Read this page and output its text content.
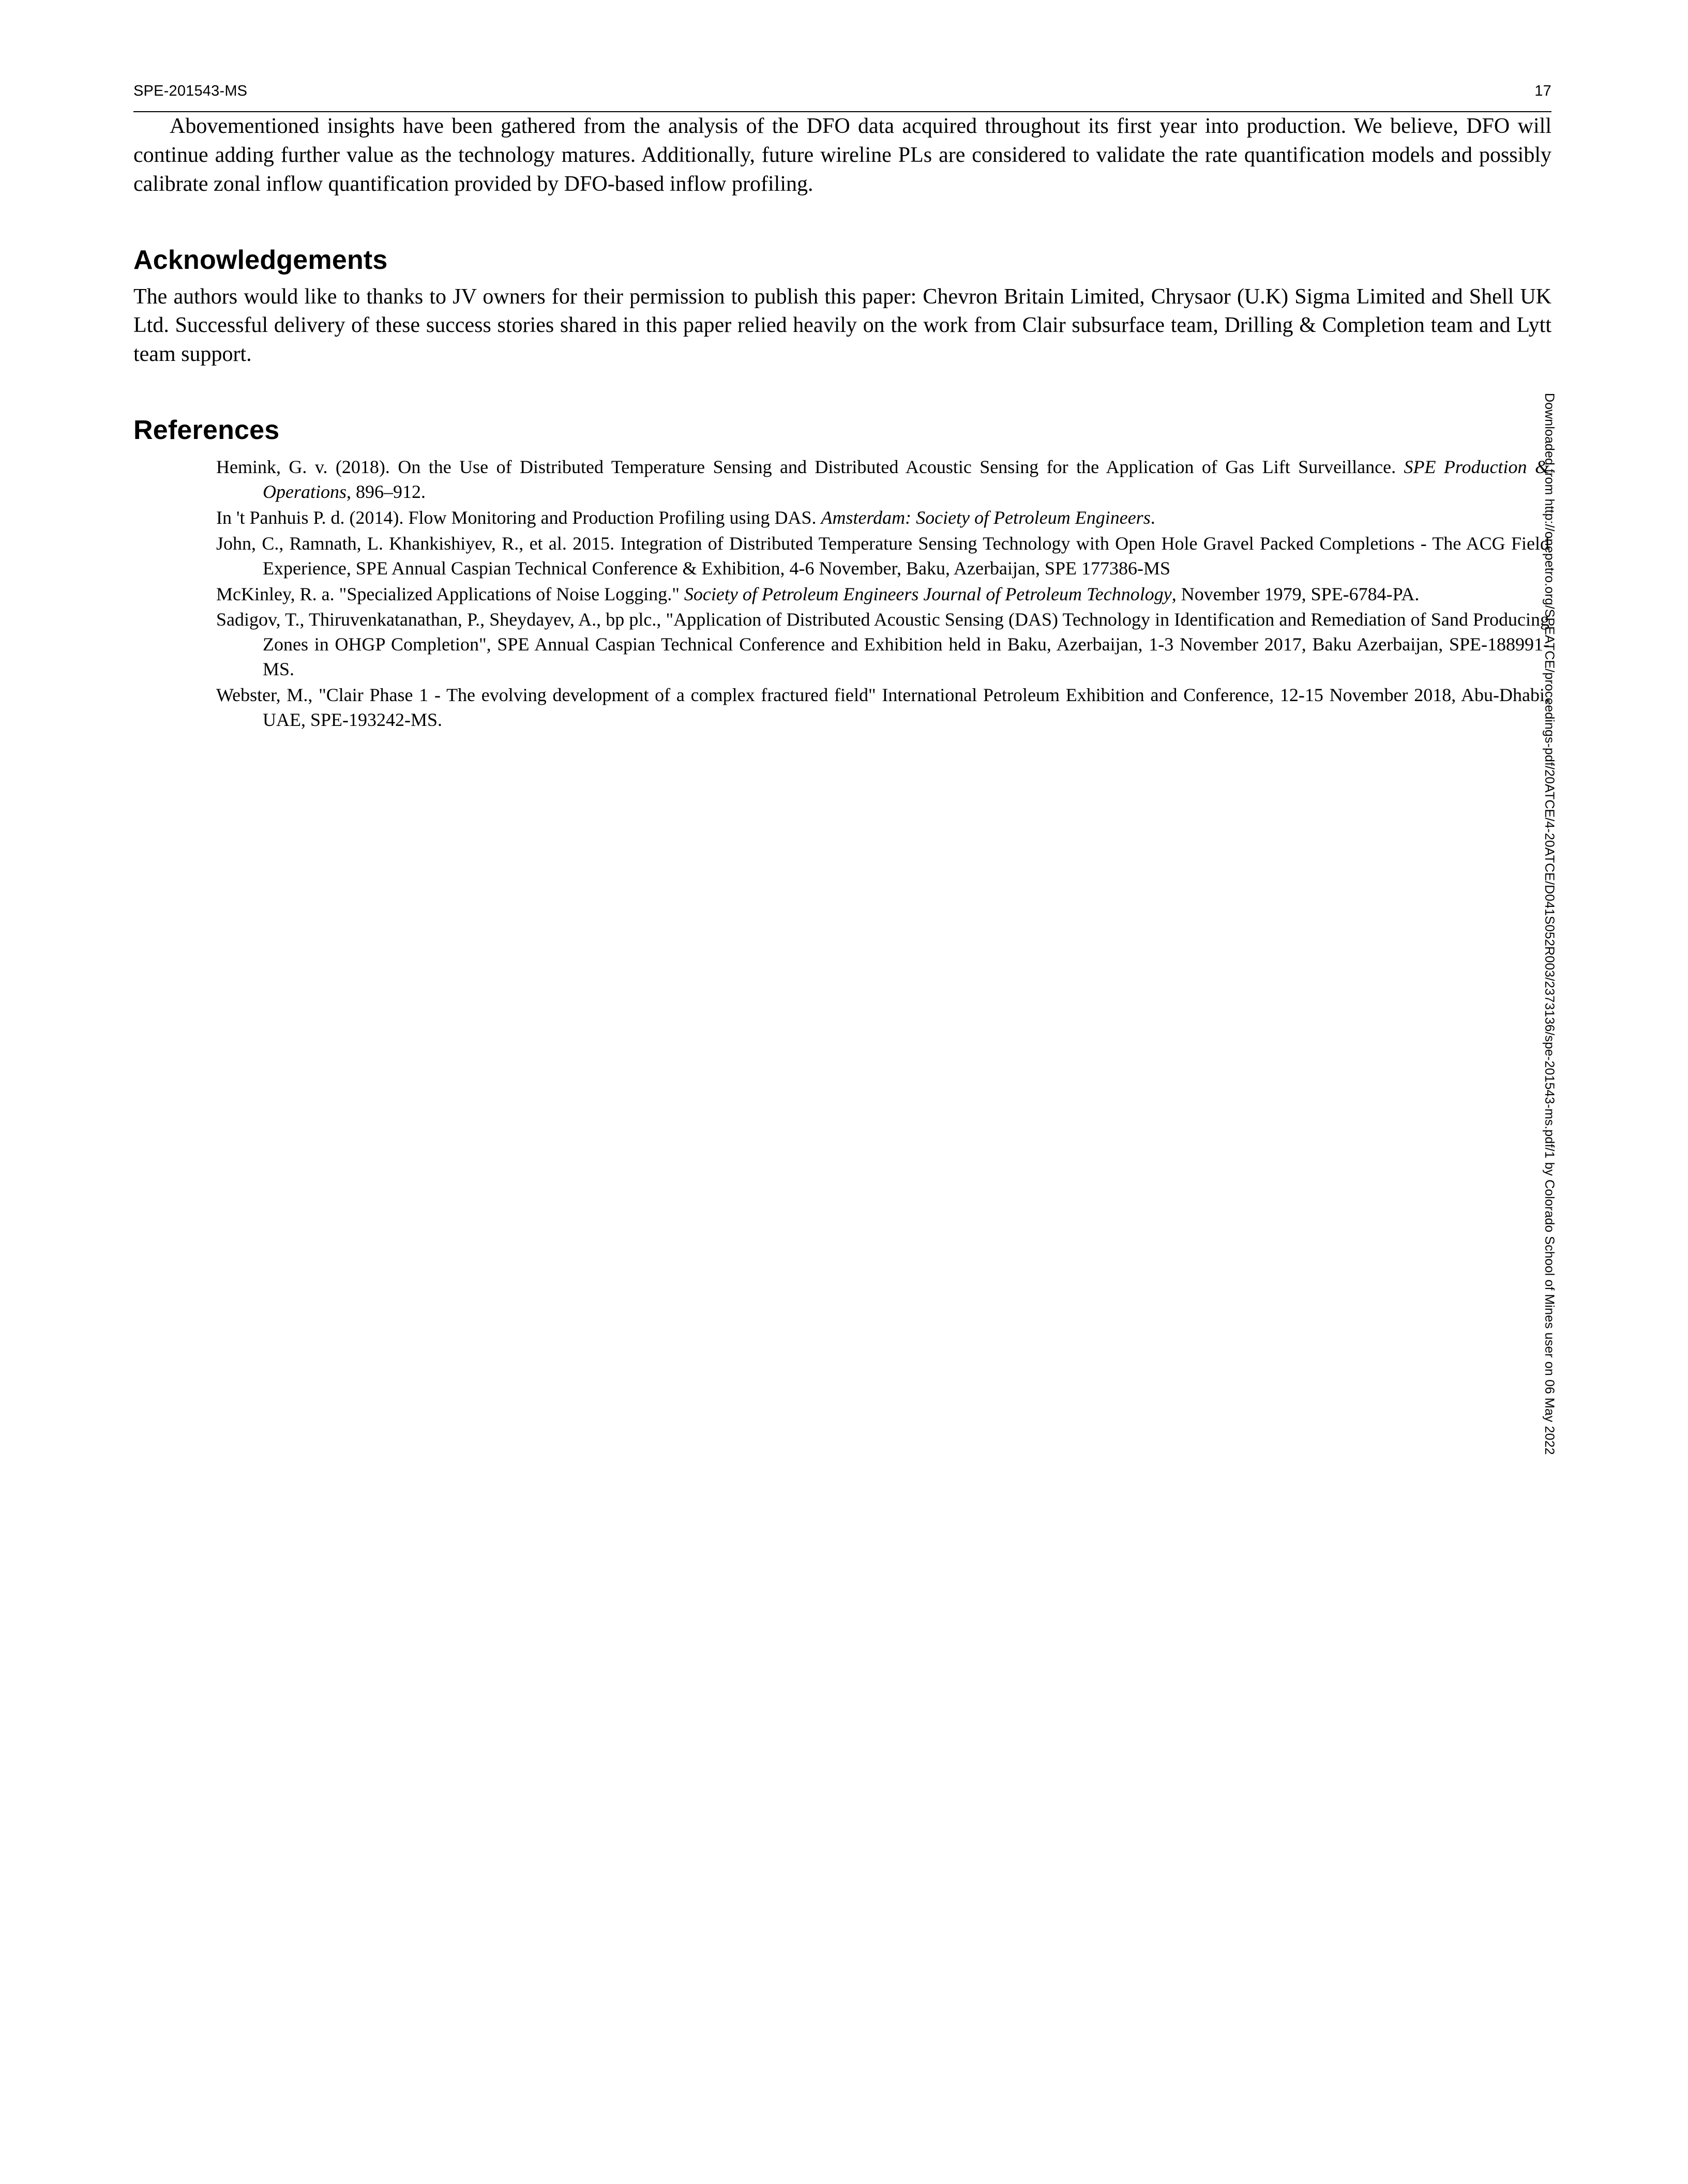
SPE-201543-MS	17

Abovementioned insights have been gathered from the analysis of the DFO data acquired throughout its first year into production. We believe, DFO will continue adding further value as the technology matures. Additionally, future wireline PLs are considered to validate the rate quantification models and possibly calibrate zonal inflow quantification provided by DFO-based inflow profiling.

Acknowledgements

The authors would like to thanks to JV owners for their permission to publish this paper: Chevron Britain Limited, Chrysaor (U.K) Sigma Limited and Shell UK Ltd. Successful delivery of these success stories shared in this paper relied heavily on the work from Clair subsurface team, Drilling & Completion team and Lytt team support.

References

Hemink, G. v. (2018). On the Use of Distributed Temperature Sensing and Distributed Acoustic Sensing for the Application of Gas Lift Surveillance. SPE Production & Operations, 896–912.

In 't Panhuis P. d. (2014). Flow Monitoring and Production Profiling using DAS. Amsterdam: Society of Petroleum Engineers.

John, C., Ramnath, L. Khankishiyev, R., et al. 2015. Integration of Distributed Temperature Sensing Technology with Open Hole Gravel Packed Completions - The ACG Field Experience, SPE Annual Caspian Technical Conference & Exhibition, 4-6 November, Baku, Azerbaijan, SPE 177386-MS

McKinley, R. a. "Specialized Applications of Noise Logging." Society of Petroleum Engineers Journal of Petroleum Technology, November 1979, SPE-6784-PA.

Sadigov, T., Thiruvenkatanathan, P., Sheydayev, A., bp plc., "Application of Distributed Acoustic Sensing (DAS) Technology in Identification and Remediation of Sand Producing Zones in OHGP Completion", SPE Annual Caspian Technical Conference and Exhibition held in Baku, Azerbaijan, 1-3 November 2017, Baku Azerbaijan, SPE-188991-MS.

Webster, M., "Clair Phase 1 - The evolving development of a complex fractured field" International Petroleum Exhibition and Conference, 12-15 November 2018, Abu-Dhabi, UAE, SPE-193242-MS.	Downloaded from http://onepetro.org/SPEATCE/proceedings-pdf/20ATCE/4-20ATCE/D041S052R003/2373136/spe-201543-ms.pdf/1 by Colorado School of Mines user on 06 May 2022
